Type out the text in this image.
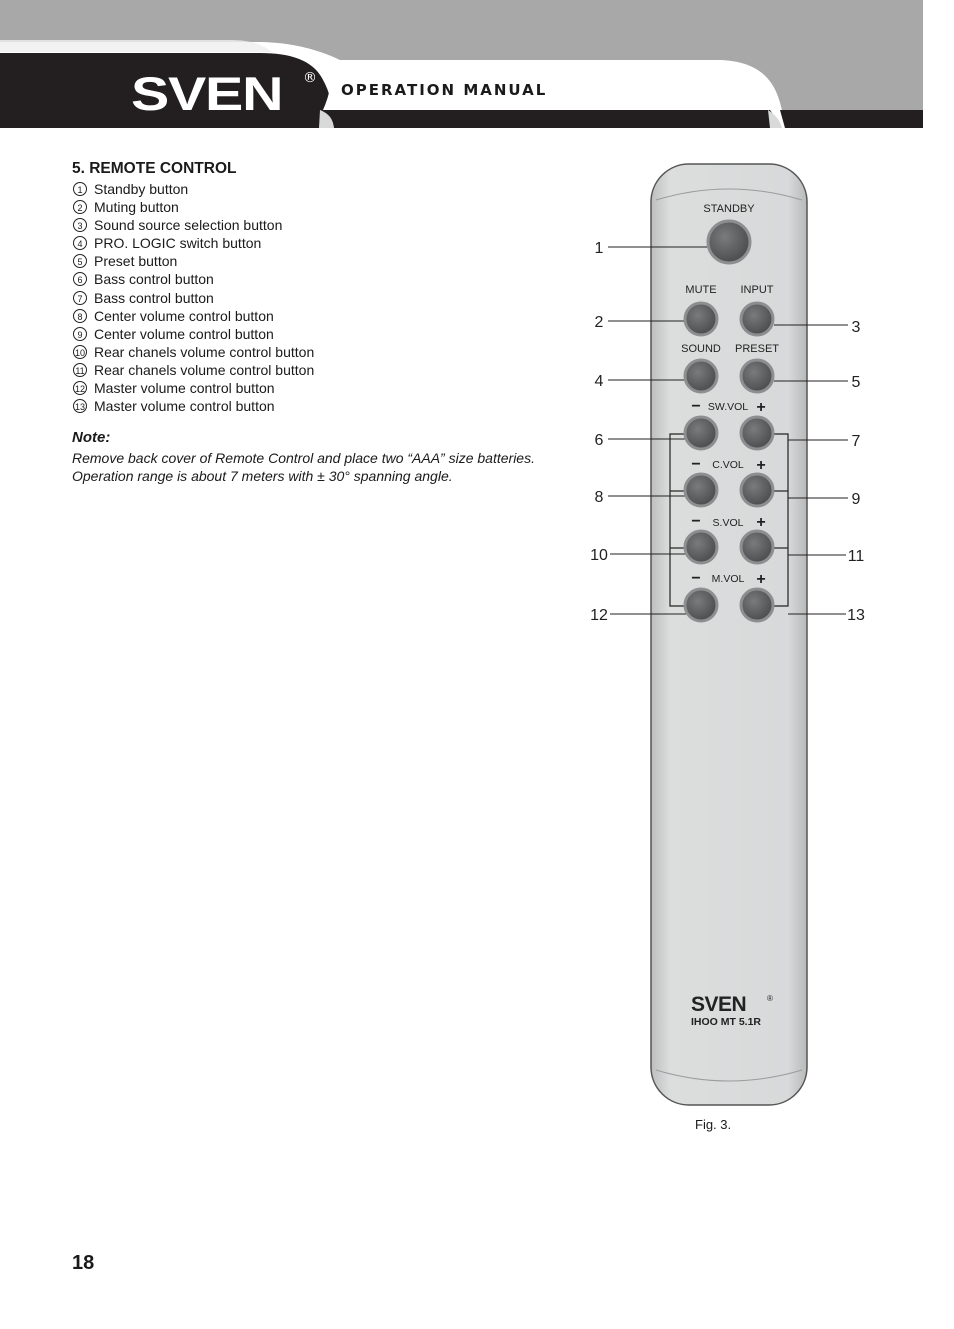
SVEN ®
OPERATION MANUAL
5. REMOTE CONTROL
1 Standby button
2 Muting button
3 Sound source selection button
4 PRO. LOGIC switch button
5 Preset button
6 Bass control button
7 Bass control button
8 Center volume control button
9 Center volume control button
10 Rear chanels volume control button
11 Rear chanels volume control button
12 Master volume control button
13 Master volume control button
Note:
Remove back cover of Remote Control and place two “AAA” size batteries.
Operation range is about 7 meters with ± 30° spanning angle.
STANDBY
MUTE INPUT
SOUND PRESET
− SW.VOL +
− C.VOL +
− S.VOL +
− M.VOL +
1
2	3
4	5
6	7
8	9
10	11
12	13
SVEN	®
IHOO MT 5.1R
Fig. 3.
18
